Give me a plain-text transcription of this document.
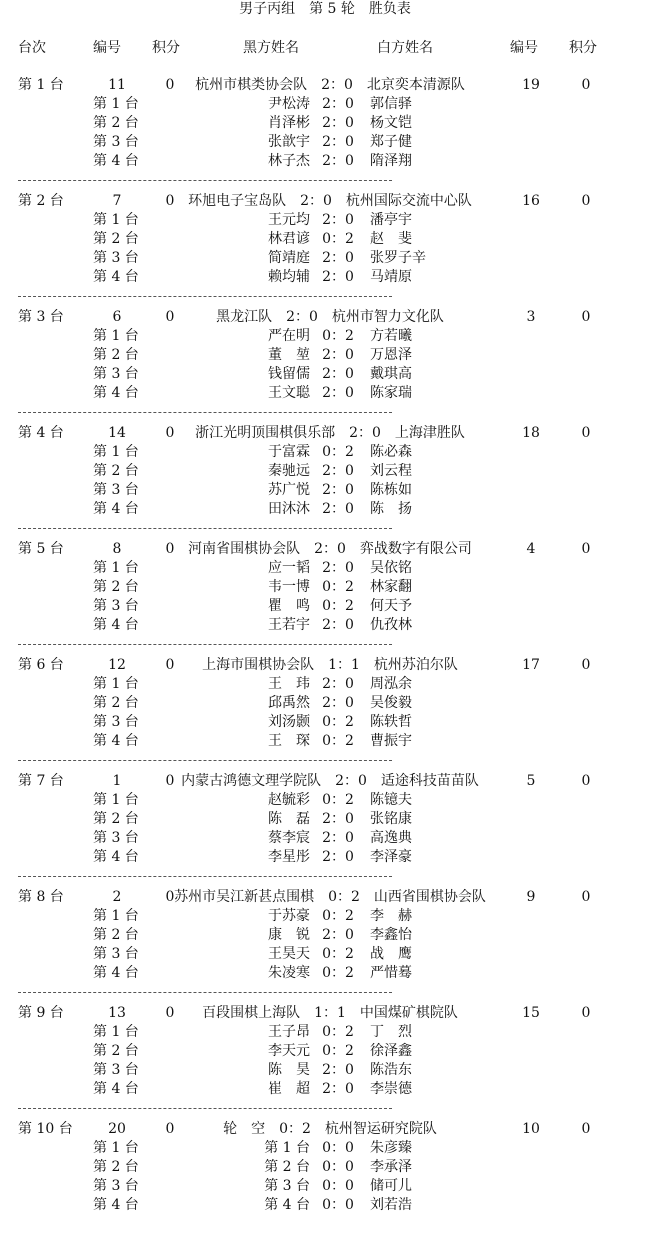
男子丙组　第 5 轮　胜负表
台次	编号 积分	黑方姓名	白方姓名	编号 积分
第 1 台	11	0	杭州市棋类协会队　2：0　北京奕本清源队	19	0
第 1 台	尹松涛 2：0 郭信驿
第 2 台	肖泽彬 2：0 杨文铠
第 3 台	张歆宇 2：0 郑子健
第 4 台	林子杰 2：0 隋泽翔
第 2 台	7	0 环旭电子宝岛队　2：0　杭州国际交流中心队	16	0
第 1 台	王元均 2：0 潘亭宇
第 2 台	林君谚 0：2 赵　斐
第 3 台	简靖庭 2：0 张罗子辛
第 4 台	赖均辅 2：0 马靖原
第 3 台	6	0	黑龙江队　2：0　杭州市智力文化队	3	0
第 1 台	严在明 0：2 方若曦
第 2 台	董　堃 2：0 万恩泽
第 3 台	钱留儒 2：0 戴琪高
第 4 台	王文聪 2：0 陈家瑞
第 4 台	14	0	浙江光明顶围棋俱乐部　2：0　上海津胜队	18	0
第 1 台	于富霖 0：2 陈必森
第 2 台	秦驰远 2：0 刘云程
第 3 台	苏广悦 2：0 陈栋如
第 4 台	田沐沐 2：0 陈　扬
第 5 台	8	0 河南省围棋协会队　2：0　弈战数字有限公司	4	0
第 1 台	应一韬 2：0 吴依铭
第 2 台	韦一博 0：2 林家翻
第 3 台	瞿　鸣 0：2 何天予
第 4 台	王若宇 2：0 仇孜林
第 6 台	12	0	上海市围棋协会队　1：1　杭州苏泊尔队	17	0
第 1 台	王　玮 2：0 周泓余
第 2 台	邱禹然 2：0 吴俊毅
第 3 台	刘汤颢 0：2 陈轶哲
第 4 台	王　琛 0：2 曹振宇
第 7 台	1	0 内蒙古鸿德文理学院队　2：0　适途科技苗苗队	5	0
第 1 台	赵毓彩 0：2 陈镱夫
第 2 台	陈　磊 2：0 张铭康
第 3 台	蔡李宸 2：0 高逸典
第 4 台	李星彤 2：0 李泽豪
第 8 台	2	0 苏州市吴江新甚点围棋　0：2　山西省围棋协会队	9	0
第 1 台	于苏豪 0：2 李　赫
第 2 台	康　锐 2：0 李鑫怡
第 3 台	王昊天 0：2 战　鹰
第 4 台	朱凌寒 0：2 严惜蓦
第 9 台	13	0	百段围棋上海队　1：1　中国煤矿棋院队	15	0
第 1 台	王子昂 0：2 丁　烈
第 2 台	李天元 0：2 徐泽鑫
第 3 台	陈　昊 2：0 陈浩东
第 4 台	崔　超 2：0 李崇德
第 10 台	20	0	轮　空　0：2　杭州智运研究院队	10	0
第 1 台	第 1 台 0：0 朱彦臻
第 2 台	第 2 台 0：0 李承泽
第 3 台	第 3 台 0：0 储可儿
第 4 台	第 4 台 0：0 刘若浩
